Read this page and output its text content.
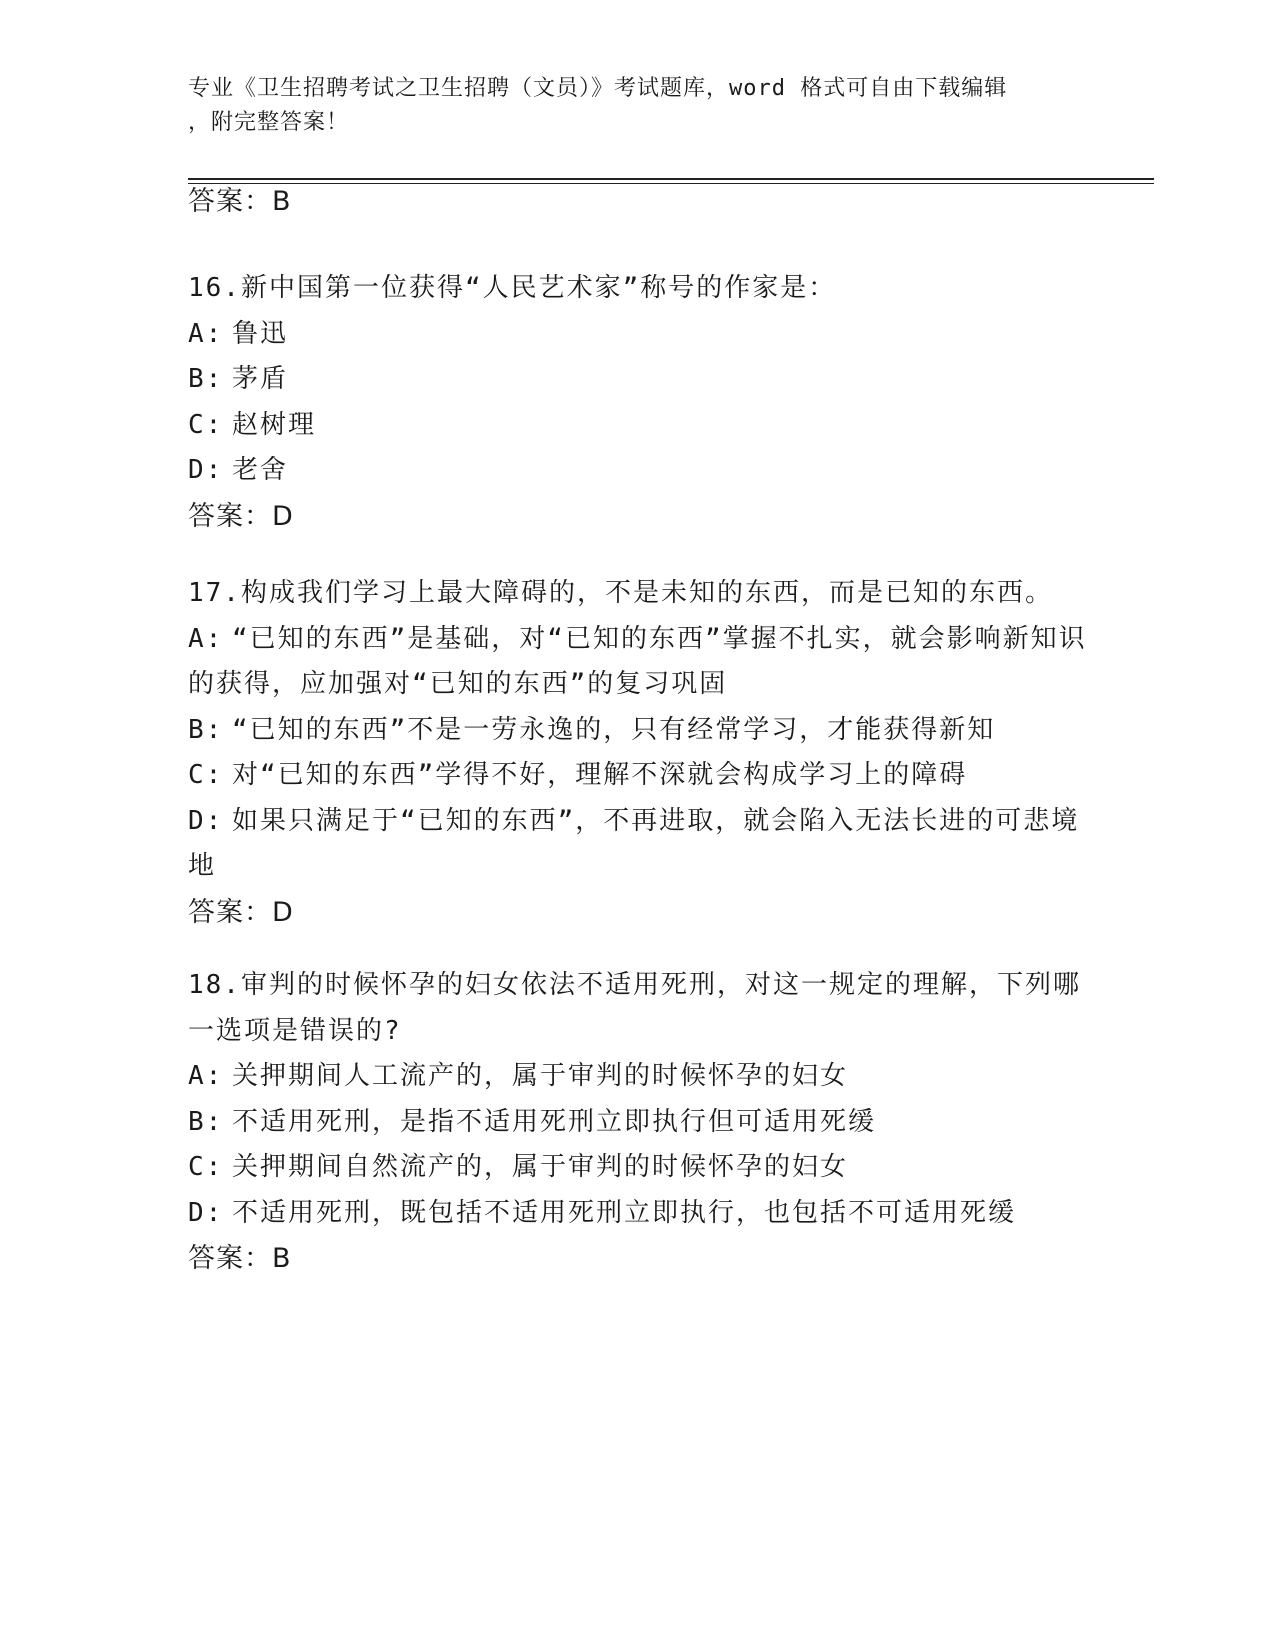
专业《卫生招聘考试之卫生招聘（文员）》考试题库，word 格式可自由下载编辑
，附完整答案！
答案：B
16.新中国第一位获得“人民艺术家”称号的作家是：
A: 鲁迅
B: 茅盾
C: 赵树理
D: 老舍
答案：D
17.构成我们学习上最大障碍的，不是未知的东西，而是已知的东西。
A: “已知的东西”是基础，对“已知的东西”掌握不扎实，就会影响新知识的获得，应加强对“已知的东西”的复习巩固
B: “已知的东西”不是一劳永逸的，只有经常学习，才能获得新知
C: 对“已知的东西”学得不好，理解不深就会构成学习上的障碍
D: 如果只满足于“已知的东西”，不再进取，就会陷入无法长进的可悲境地
答案：D
18.审判的时候怀孕的妇女依法不适用死刑，对这一规定的理解，下列哪一选项是错误的?
A: 关押期间人工流产的，属于审判的时候怀孕的妇女
B: 不适用死刑，是指不适用死刑立即执行但可适用死缓
C: 关押期间自然流产的，属于审判的时候怀孕的妇女
D: 不适用死刑，既包括不适用死刑立即执行，也包括不可适用死缓
答案：B
